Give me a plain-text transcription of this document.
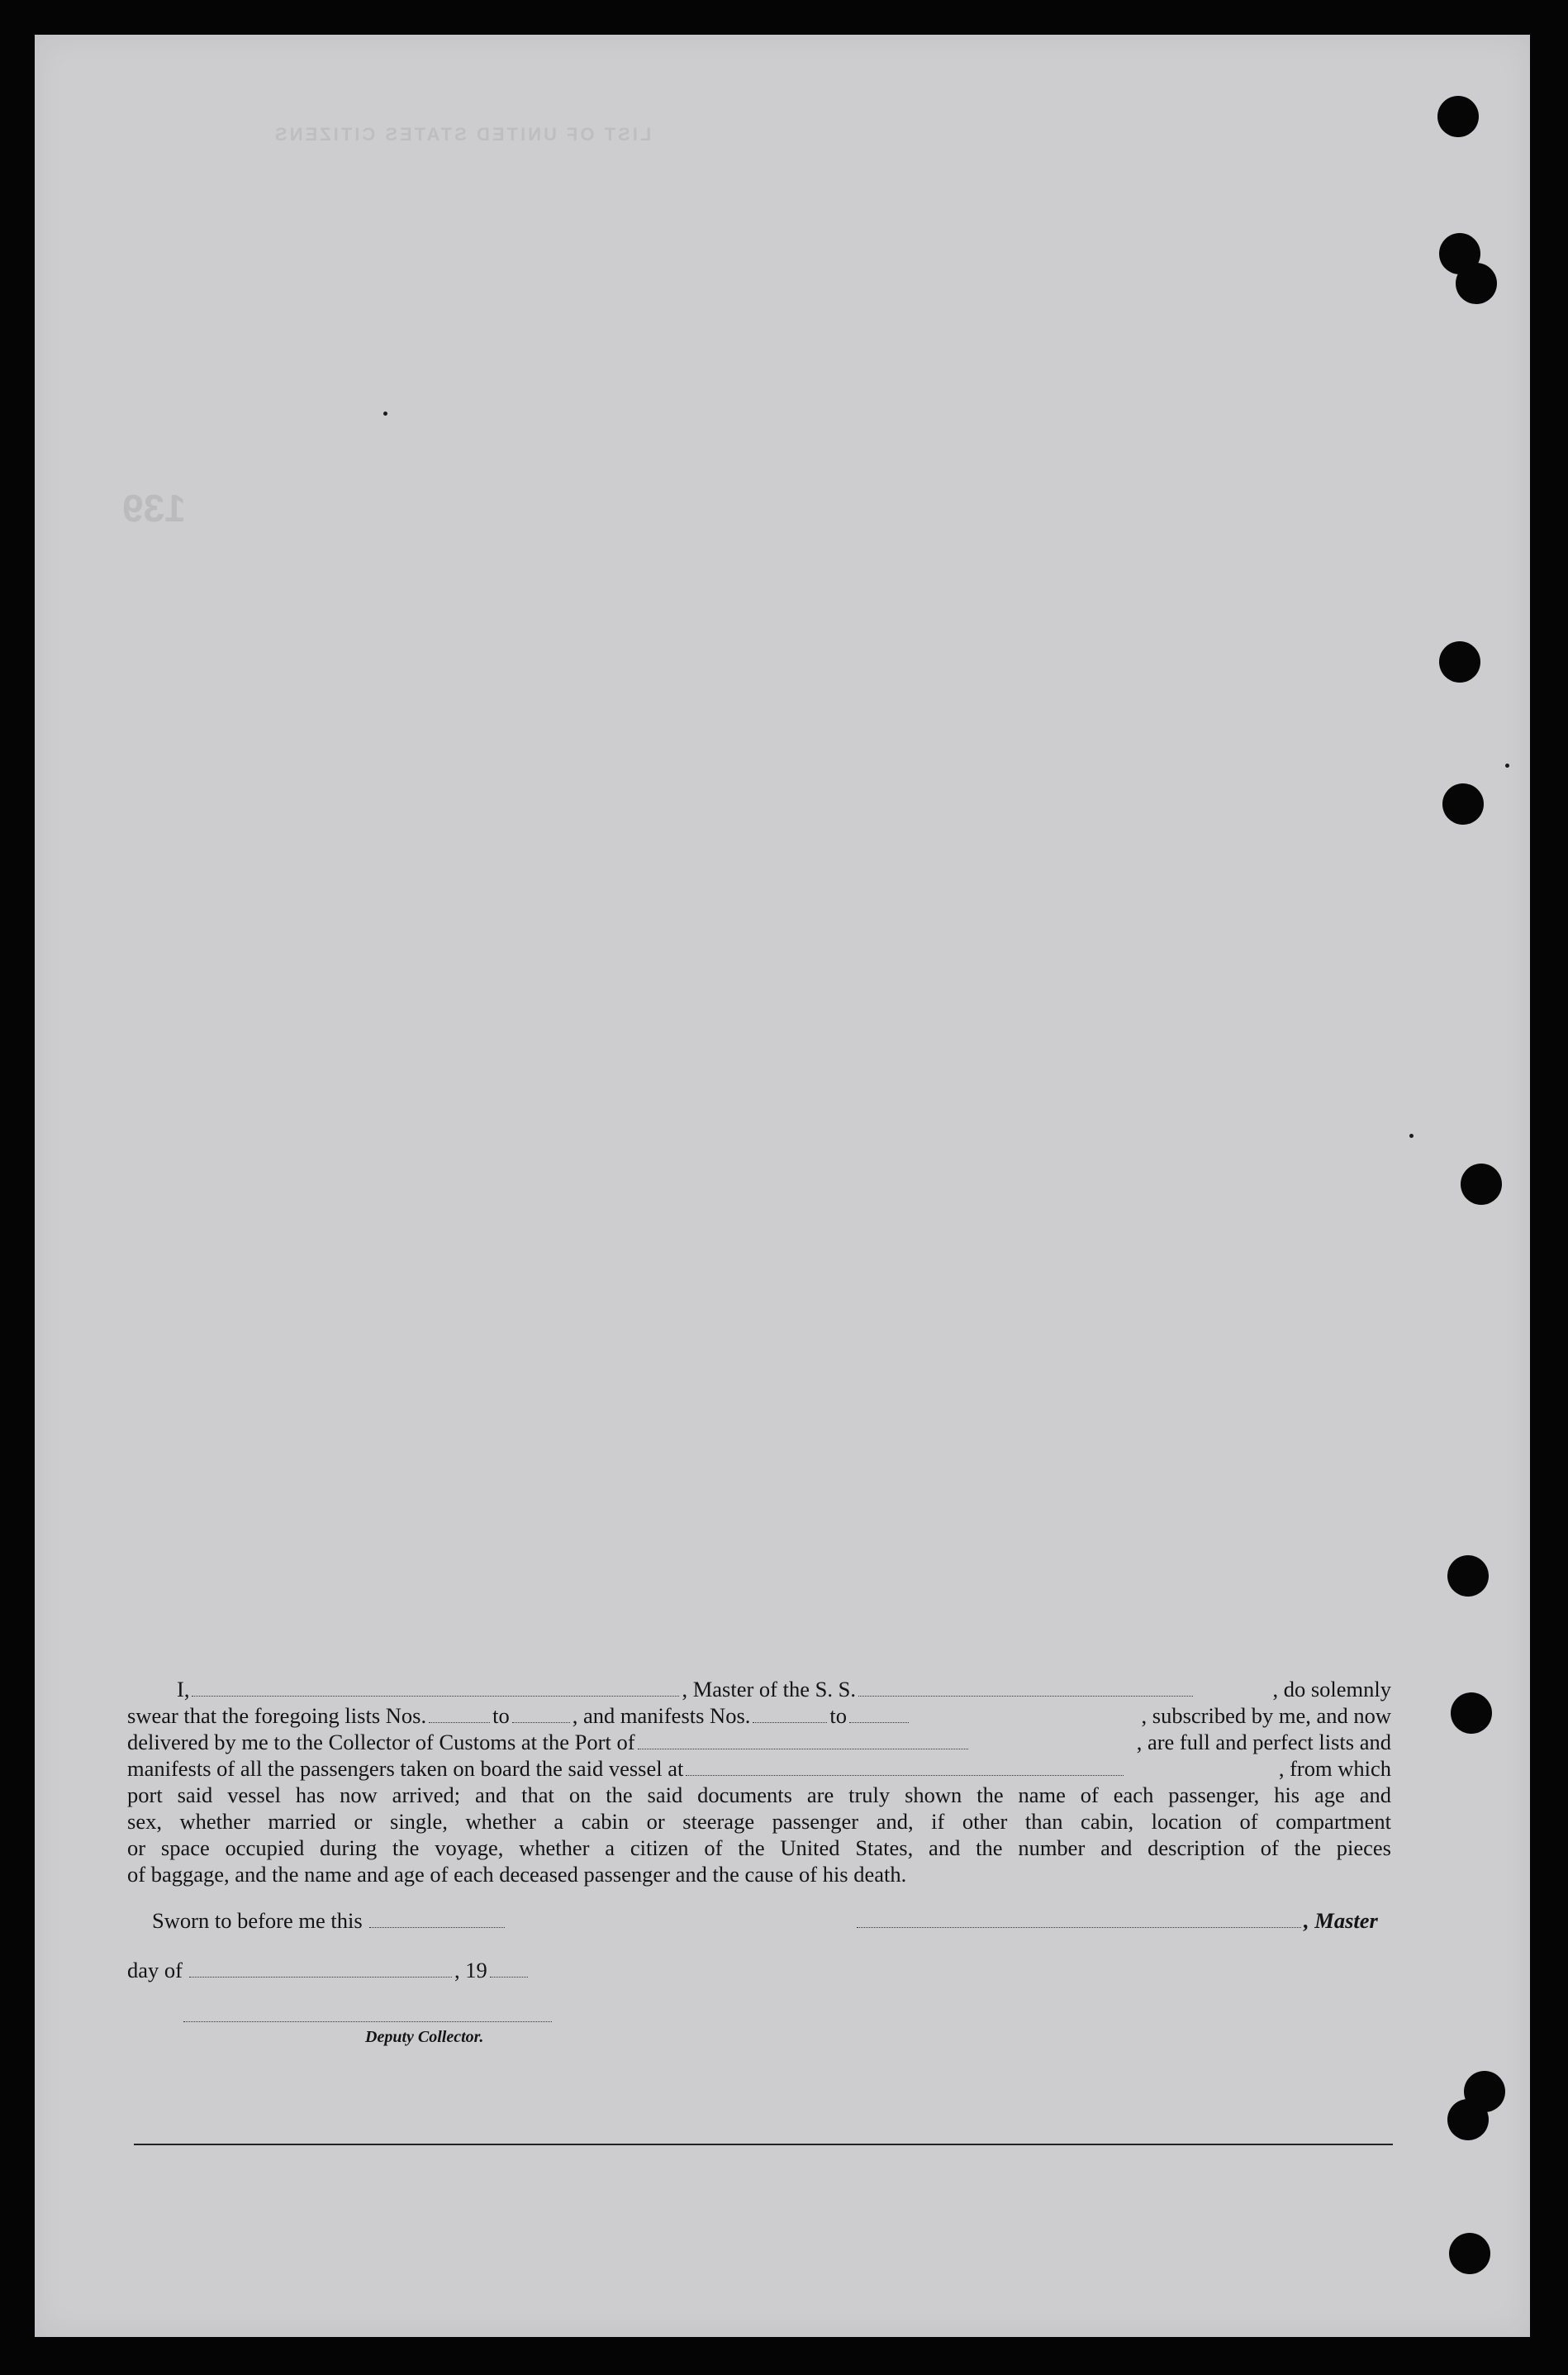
LIST OF UNITED STATES CITIZENS
139
I,	, Master of the S. S.	, do solemnly
swear that the foregoing lists Nos.	to	, and manifests Nos.	to	, subscribed by me, and now
delivered by me to the Collector of Customs at the Port of	, are full and perfect lists and
manifests of all the passengers taken on board the said vessel at	, from which
port said vessel has now arrived; and that on the said documents are truly shown the name of each passenger, his age and
sex, whether married or single, whether a cabin or steerage passenger and, if other than cabin, location of compartment
or space occupied during the voyage, whether a citizen of the United States, and the number and description of the pieces
of baggage, and the name and age of each deceased passenger and the cause of his death.
Sworn to before me this	, Master
day of	, 19
Deputy Collector.
